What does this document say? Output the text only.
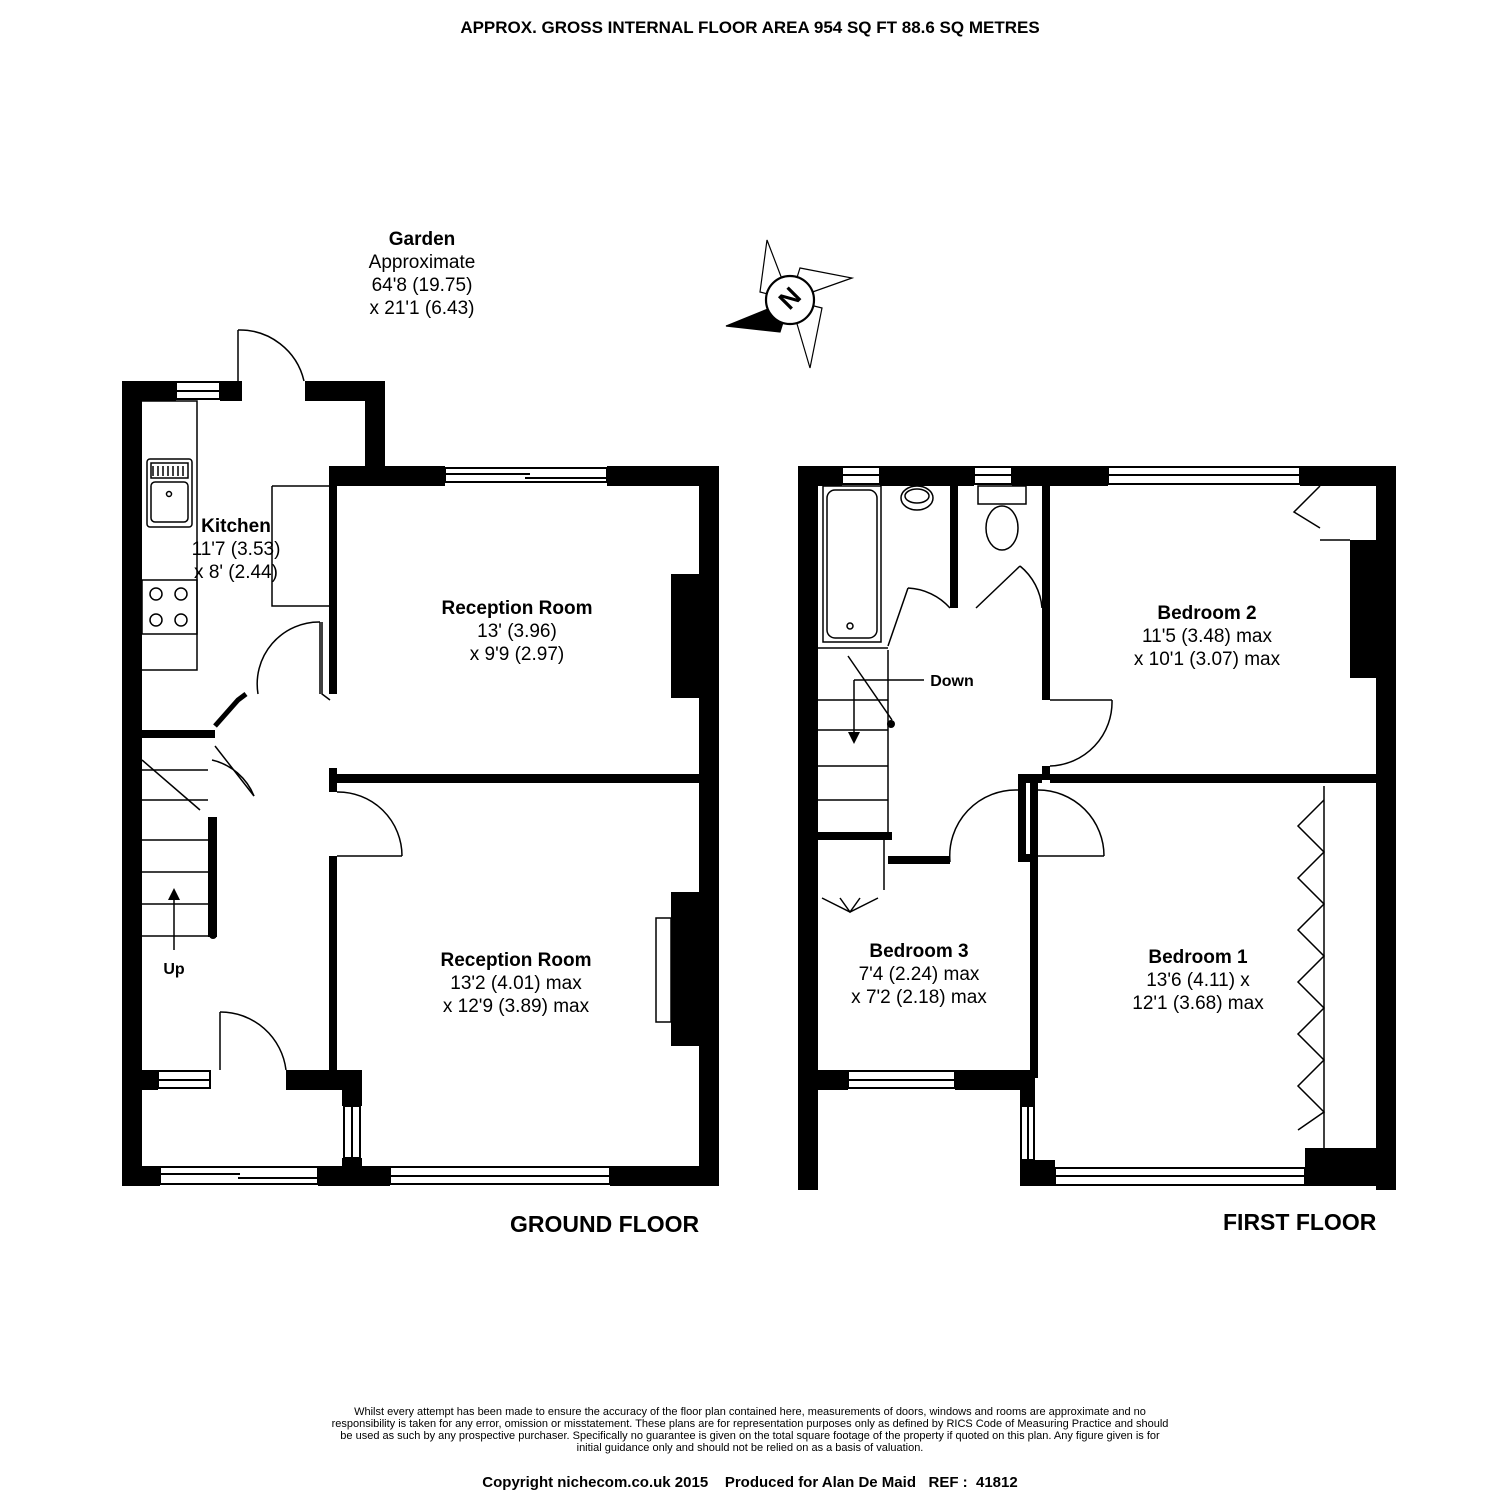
APPROX. GROSS INTERNAL FLOOR AREA 954 SQ FT 88.6 SQ METRES
N
Garden
Approximate
64'8 (19.75)
x 21'1 (6.43)
Kitchen
11'7 (3.53)
x 8' (2.44)
Reception Room
13' (3.96)
x 9'9 (2.97)
Reception Room
13'2 (4.01) max
x 12'9 (3.89) max
Up
Bedroom 2
11'5 (3.48) max
x 10'1 (3.07) max
Bedroom 3
7'4 (2.24) max
x 7'2 (2.18) max
Bedroom 1
13'6 (4.11) x
12'1 (3.68) max
Down
GROUND FLOOR	FIRST FLOOR
Whilst every attempt has been made to ensure the accuracy of the floor plan contained here, measurements of doors, windows and rooms are approximate and no responsibility is taken for any error, omission or misstatement. These plans are for representation purposes only as defined by RICS Code of Measuring Practice and should be used as such by any prospective purchaser. Specifically no guarantee is given on the total square footage of the property if quoted on this plan. Any figure given is for initial guidance only and should not be relied on as a basis of valuation.
Copyright nichecom.co.uk 2015    Produced for Alan De Maid   REF :  41812
